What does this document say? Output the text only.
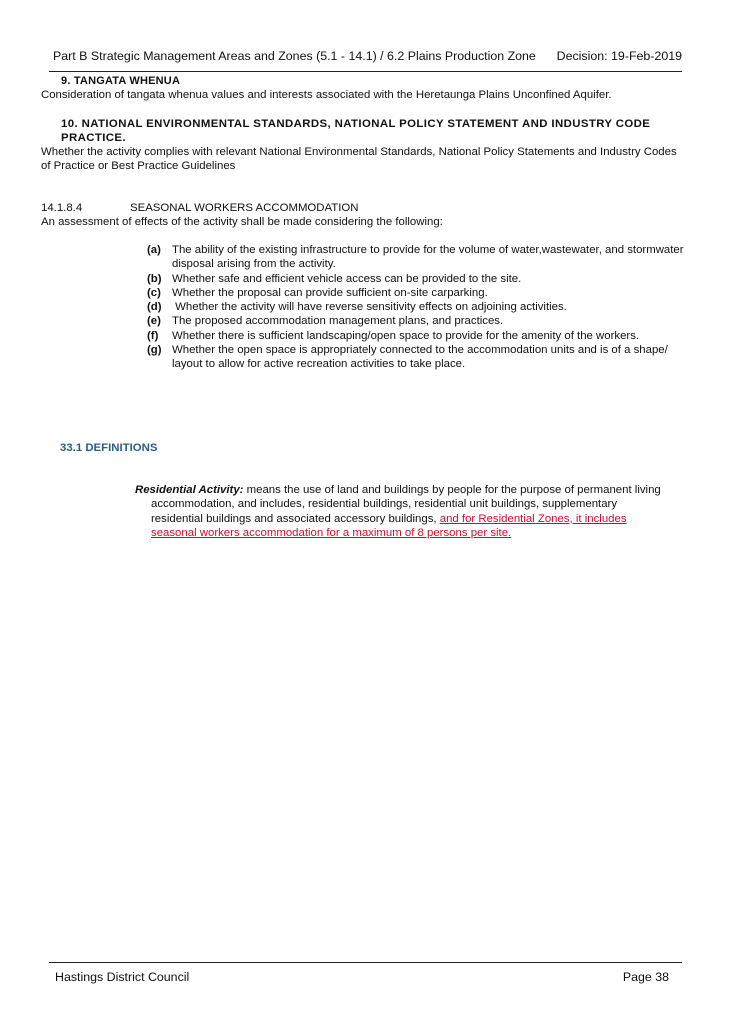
Part B Strategic Management Areas and Zones (5.1 - 14.1) / 6.2 Plains Production Zone Decision: 19-Feb-2019
9. TANGATA WHENUA
Consideration of tangata whenua values and interests associated with the Heretaunga Plains Unconfined Aquifer.
10. NATIONAL ENVIRONMENTAL STANDARDS, NATIONAL POLICY STATEMENT AND INDUSTRY CODE PRACTICE.
Whether the activity complies with relevant National Environmental Standards, National Policy Statements and Industry Codes of Practice or Best Practice Guidelines
14.1.8.4	SEASONAL WORKERS ACCOMMODATION
An assessment of effects of the activity shall be made considering the following:
(a) The ability of the existing infrastructure to provide for the volume of water,wastewater, and stormwater disposal arising from the activity.
(b) Whether safe and efficient vehicle access can be provided to the site.
(c) Whether the proposal can provide sufficient on-site carparking.
(d) Whether the activity will have reverse sensitivity effects on adjoining activities.
(e) The proposed accommodation management plans, and practices.
(f) Whether there is sufficient landscaping/open space to provide for the amenity of the workers.
(g) Whether the open space is appropriately connected to the accommodation units and is of a shape/ layout to allow for active recreation activities to take place.
33.1 DEFINITIONS
Residential Activity: means the use of land and buildings by people for the purpose of permanent living accommodation, and includes, residential buildings, residential unit buildings, supplementary residential buildings and associated accessory buildings, and for Residential Zones, it includes seasonal workers accommodation for a maximum of 8 persons per site.
Hastings District Council	Page 38
